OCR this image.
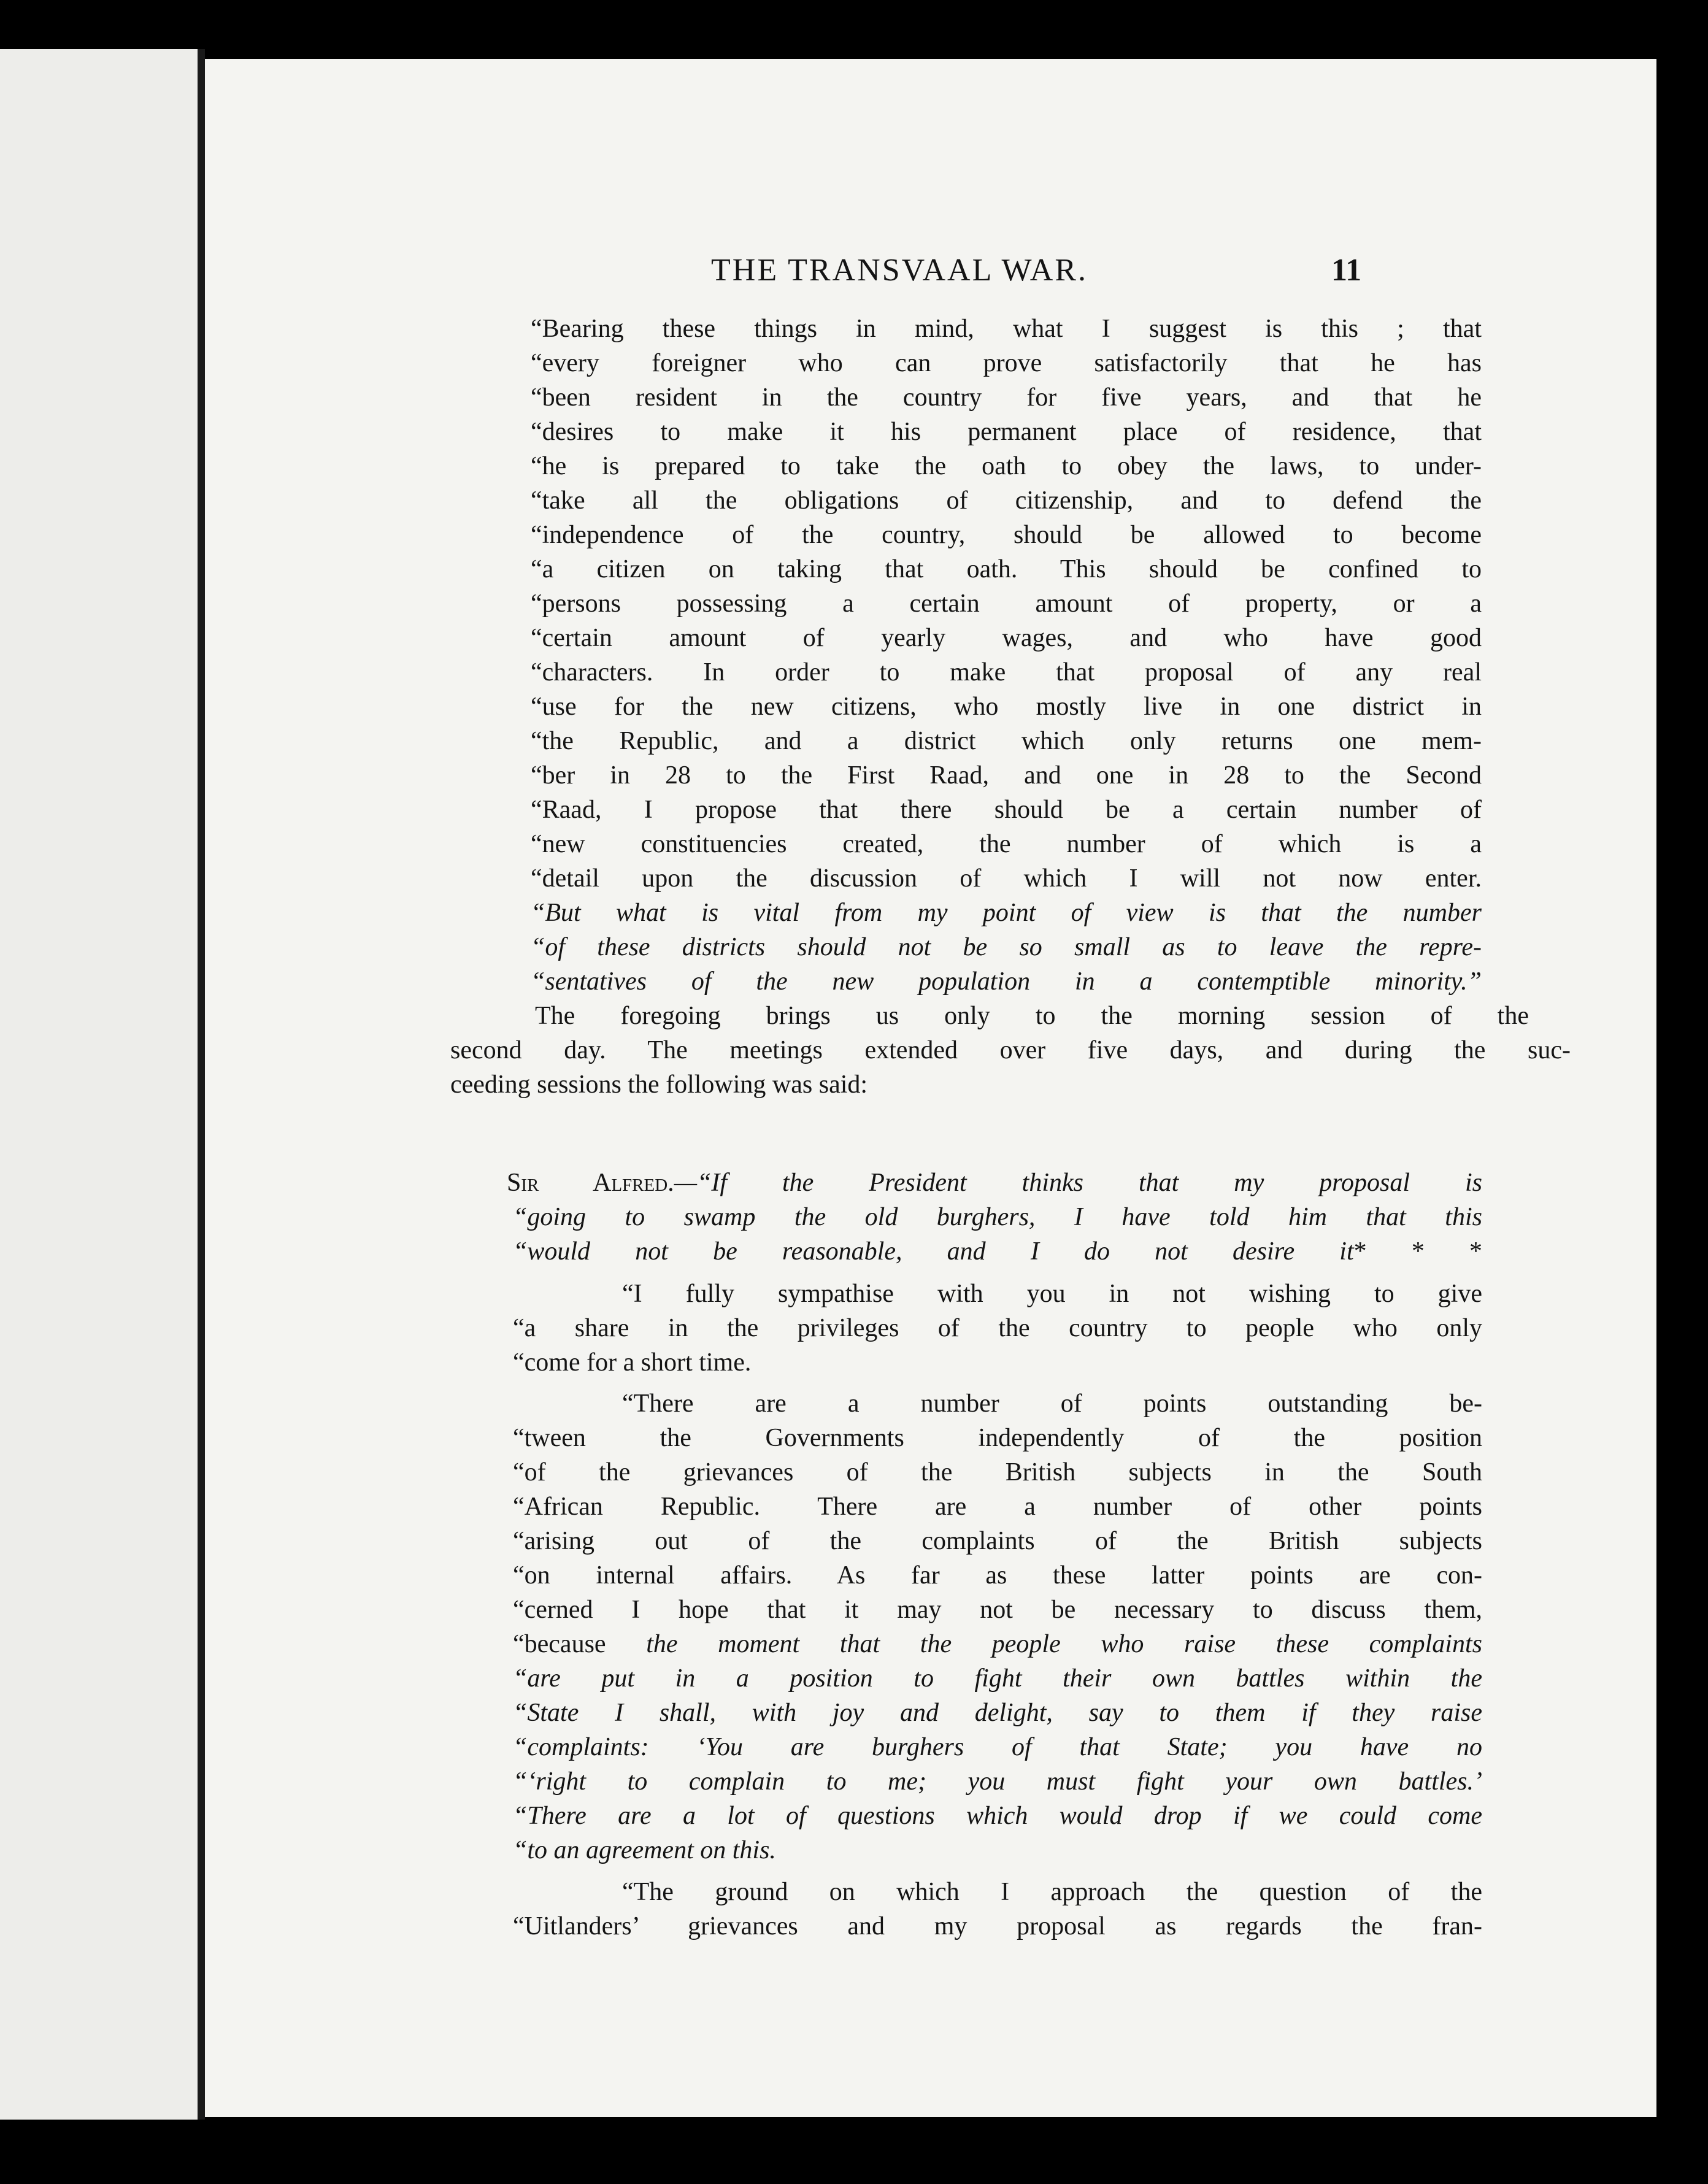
THE TRANSVAAL WAR.	11
“Bearing these things in mind, what I suggest is this ; that
“every foreigner who can prove satisfactorily that he has
“been resident in the country for five years, and that he
“desires to make it his permanent place of residence, that
“he is prepared to take the oath to obey the laws, to under-
“take all the obligations of citizenship, and to defend the
“independence of the country, should be allowed to become
“a citizen on taking that oath. This should be confined to
“persons possessing a certain amount of property, or a
“certain amount of yearly wages, and who have good
“characters. In order to make that proposal of any real
“use for the new citizens, who mostly live in one district in
“the Republic, and a district which only returns one mem-
“ber in 28 to the First Raad, and one in 28 to the Second
“Raad, I propose that there should be a certain number of
“new constituencies created, the number of which is a
“detail upon the discussion of which I will not now enter.
“But what is vital from my point of view is that the number
“of these districts should not be so small as to leave the repre-
“sentatives of the new population in a contemptible minority.”
The foregoing brings us only to the morning session of the
second day. The meetings extended over five days, and during the suc-
ceeding sessions the following was said:
Sir Alfred.—“If the President thinks that my proposal is
“going to swamp the old burghers, I have told him that this
“would not be reasonable, and I do not desire it* * *
“I fully sympathise with you in not wishing to give
“a share in the privileges of the country to people who only
“come for a short time.
“There are a number of points outstanding be-
“tween the Governments independently of the position
“of the grievances of the British subjects in the South
“African Republic. There are a number of other points
“arising out of the complaints of the British subjects
“on internal affairs. As far as these latter points are con-
“cerned I hope that it may not be necessary to discuss them,
“because the moment that the people who raise these complaints
“are put in a position to fight their own battles within the
“State I shall, with joy and delight, say to them if they raise
“complaints: ‘You are burghers of that State; you have no
“‘right to complain to me; you must fight your own battles.’
“There are a lot of questions which would drop if we could come
“to an agreement on this.
“The ground on which I approach the question of the
“Uitlanders’ grievances and my proposal as regards the fran-
